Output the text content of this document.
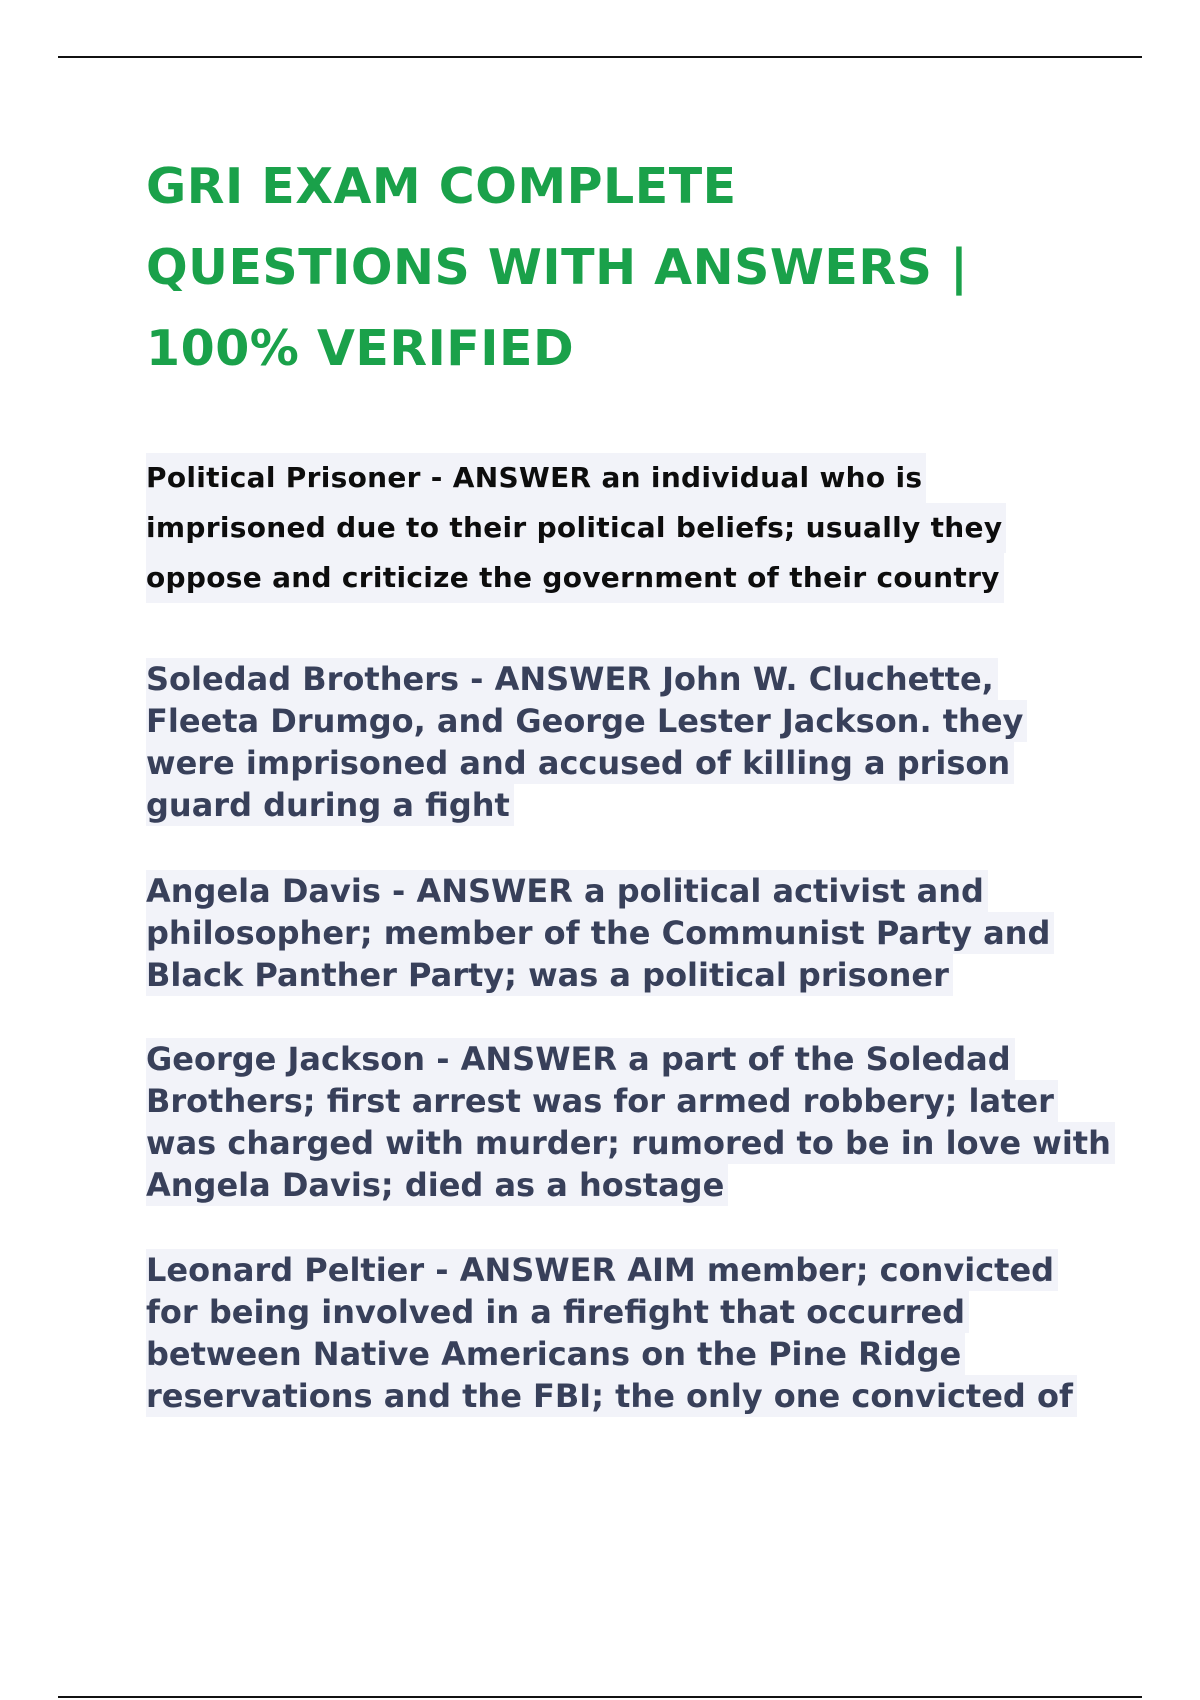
GRI EXAM COMPLETE
QUESTIONS WITH ANSWERS |
100% VERIFIED
Political Prisoner - ANSWER an individual who is
imprisoned due to their political beliefs; usually they
oppose and criticize the government of their country
Soledad Brothers - ANSWER John W. Cluchette,
Fleeta Drumgo, and George Lester Jackson. they
were imprisoned and accused of killing a prison
guard during a fight
Angela Davis - ANSWER a political activist and
philosopher; member of the Communist Party and
Black Panther Party; was a political prisoner
George Jackson - ANSWER a part of the Soledad
Brothers; first arrest was for armed robbery; later
was charged with murder; rumored to be in love with
Angela Davis; died as a hostage
Leonard Peltier - ANSWER AIM member; convicted
for being involved in a firefight that occurred
between Native Americans on the Pine Ridge
reservations and the FBI; the only one convicted of
